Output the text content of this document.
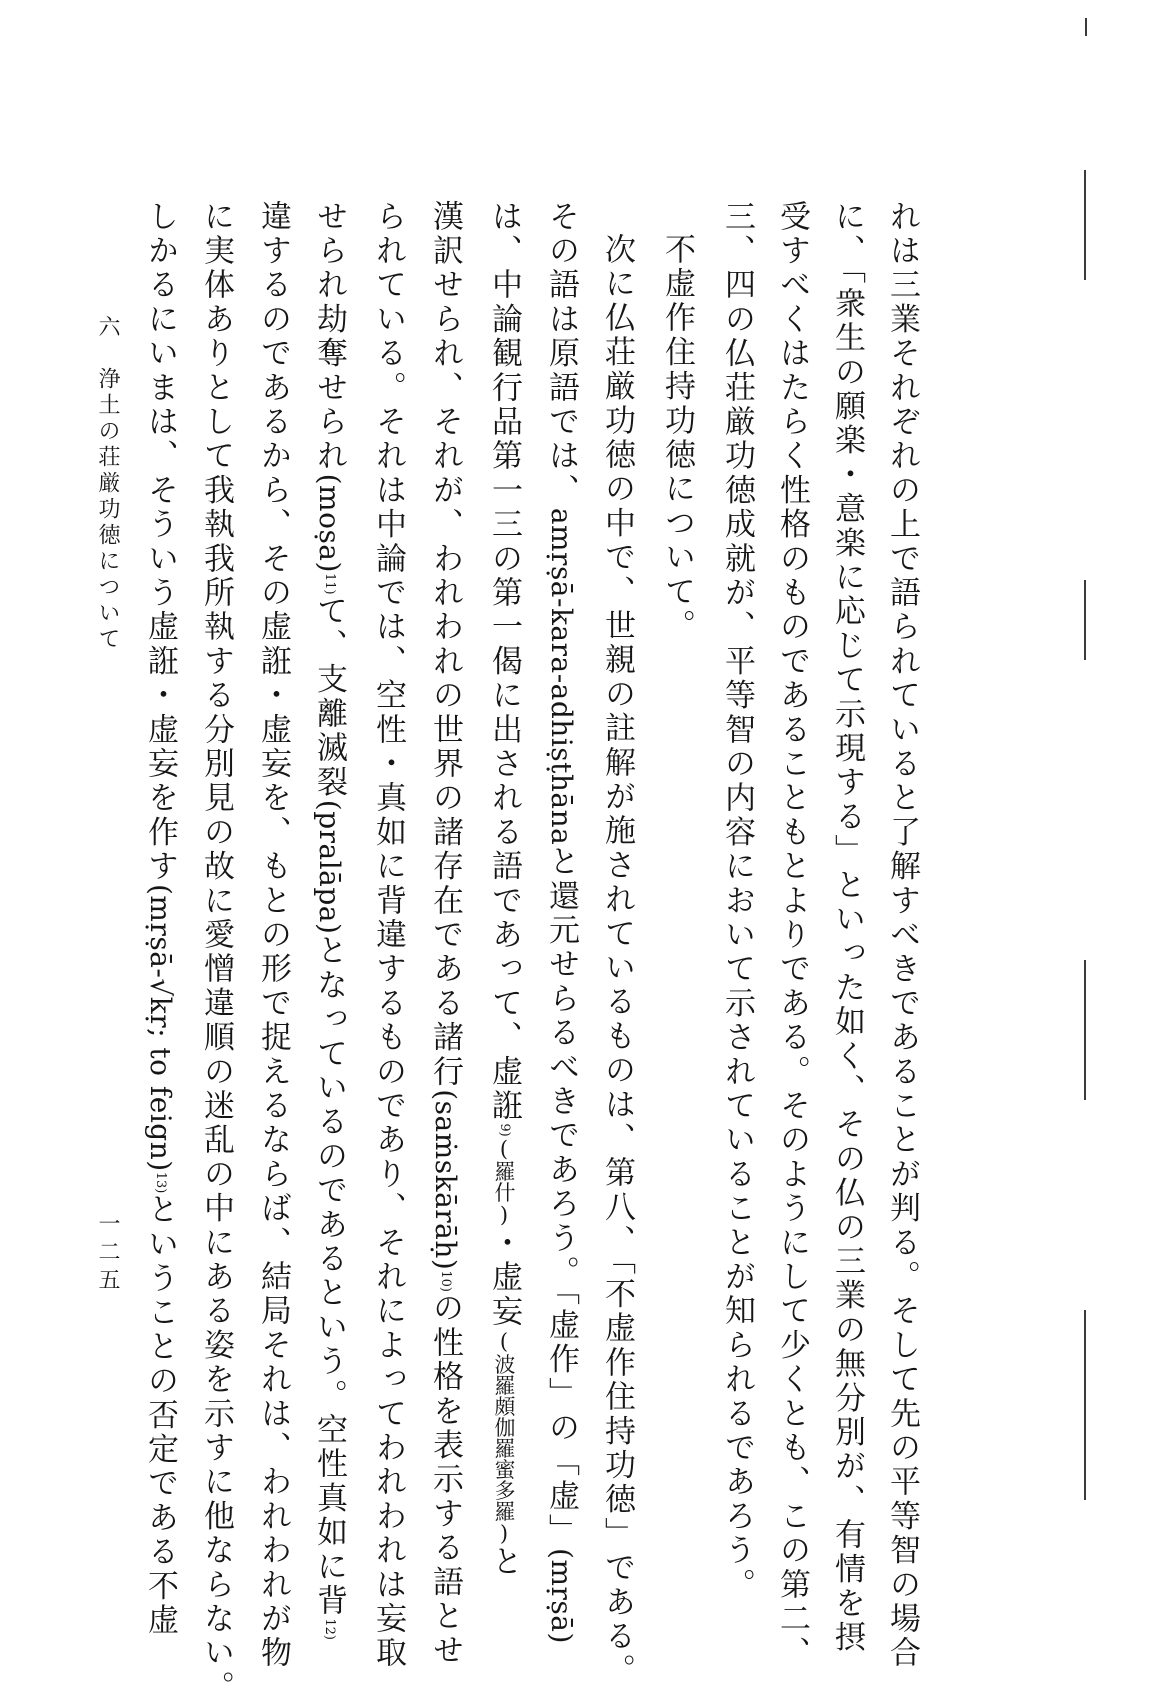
れは三業それぞれの上で語られていると了解すべきであることが判る。そして先の平等智の場合
に、「衆生の願楽・意楽に応じて示現する」といった如く、その仏の三業の無分別が、有情を摂
受すべくはたらく性格のものであることもとよりである。そのようにして少くとも、この第二、
三、四の仏荘厳功徳成就が、平等智の内容において示されていることが知られるであろう。
不虚作住持功徳について。
次に仏荘厳功徳の中で、世親の註解が施されているものは、第八、「不虚作住持功徳」である。
その語は原語では、amṛṣā-kara-adhiṣṭhānaと還元せらるべきであろう。「虚作」の「虚」(mṛṣā)
は、中論観行品第一三の第一偈に出される語であって、虚誑9)(羅什)・虚妄(波羅頗伽羅蜜多羅)と
漢訳せられ、それが、われわれの世界の諸存在である諸行(saṁskārāḥ)10)の性格を表示する語とせ
られている。それは中論では、空性・真如に背違するものであり、それによってわれわれは妄取
せられ劫奪せられ(moṣa)11)て、支離滅裂(pralāpa)となっているのであるという。空性真如に背12)
違するのであるから、その虚誑・虚妄を、もとの形で捉えるならば、結局それは、われわれが物
に実体ありとして我執我所執する分別見の故に愛憎違順の迷乱の中にある姿を示すに他ならない。
しかるにいまは、そういう虚誑・虚妄を作す(mṛṣā-√kṛ; to feign)13)ということの否定である不虚
六　浄土の荘厳功徳について
一二五
